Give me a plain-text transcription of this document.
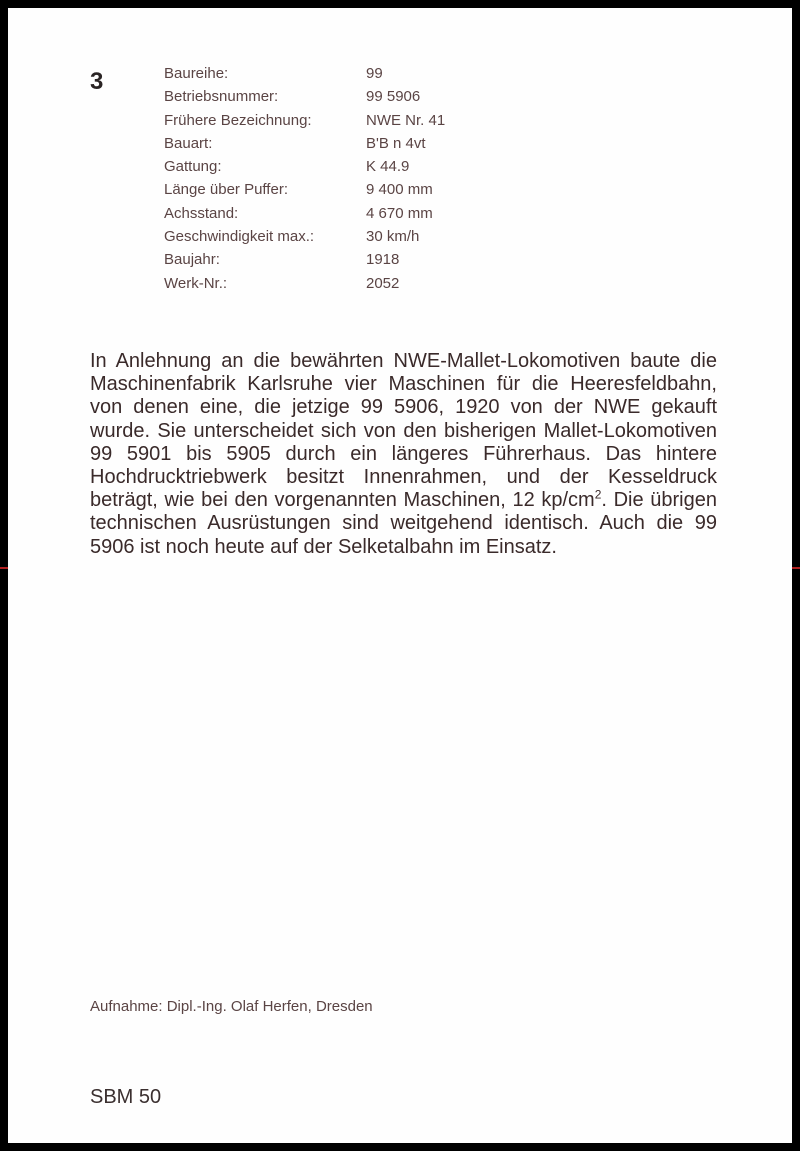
3	Baureihe:	99
Betriebsnummer:	99 5906
Frühere Bezeichnung:	NWE Nr. 41
Bauart:	B'B n 4vt
Gattung:	K 44.9
Länge über Puffer:	9 400 mm
Achsstand:	4 670 mm
Geschwindigkeit max.:	30 km/h
Baujahr:	1918
Werk-Nr.:	2052

In Anlehnung an die bewährten NWE-Mallet-Lokomotiven baute die Maschinenfabrik Karlsruhe vier Maschinen für die Heeresfeldbahn, von denen eine, die jetzige 99 5906, 1920 von der NWE gekauft wurde. Sie unterscheidet sich von den bisherigen Mallet-Lokomotiven 99 5901 bis 5905 durch ein längeres Führerhaus. Das hintere Hochdrucktriebwerk besitzt Innenrahmen, und der Kesseldruck beträgt, wie bei den vorgenannten Maschinen, 12 $kp/cm^2$. Die übrigen technischen Ausrüstungen sind weitgehend identisch. Auch die 99 5906 ist noch heute auf der Selketalbahn im Einsatz.

Aufnahme: Dipl.-Ing. Olaf Herfen, Dresden
SBM 50
